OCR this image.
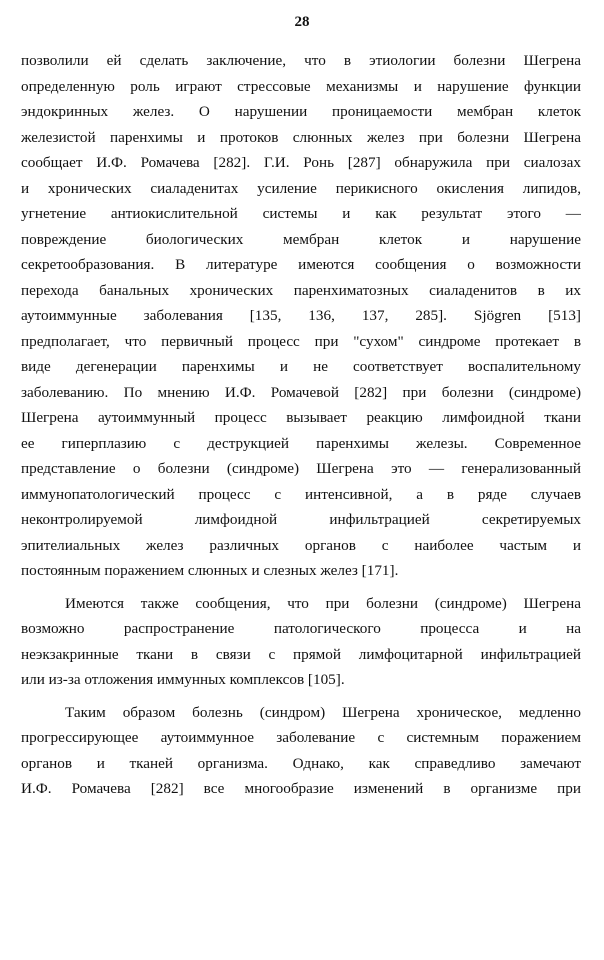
28
позволили ей сделать заключение, что в этиологии болезни Шегрена
определенную роль играют стрессовые механизмы и нарушение функции
эндокринных желез. О нарушении проницаемости мембран клеток
железистой паренхимы и протоков слюнных желез при болезни Шегрена
сообщает И.Ф. Ромачева [282]. Г.И. Ронь [287] обнаружила при сиалозах
и хронических сиаладенитах усиление перикисного окисления липидов,
угнетение антиокислительной системы и как результат этого —
повреждение биологических мембран клеток и нарушение
секретообразования. В литературе имеются сообщения о возможности
перехода банальных хронических паренхиматозных сиаладенитов в их
аутоиммунные заболевания [135, 136, 137, 285]. Sjögren [513]
предполагает, что первичный процесс при "сухом" синдроме протекает в
виде дегенерации паренхимы и не соответствует воспалительному
заболеванию. По мнению И.Ф. Ромачевой [282] при болезни (синдроме)
Шегрена аутоиммунный процесс вызывает реакцию лимфоидной ткани
ее гиперплазию с деструкцией паренхимы железы. Современное
представление о болезни (синдроме) Шегрена это — генерализованный
иммунопатологический процесс с интенсивной, а в ряде случаев
неконтролируемой лимфоидной инфильтрацией секретируемых
эпителиальных желез различных органов с наиболее частым и
постоянным поражением слюнных и слезных желез [171].
Имеются также сообщения, что при болезни (синдроме) Шегрена
возможно распространение патологического процесса и на
неэкзакринные ткани в связи с прямой лимфоцитарной инфильтрацией
или из-за отложения иммунных комплексов [105].
Таким образом болезнь (синдром) Шегрена хроническое, медленно
прогрессирующее аутоиммунное заболевание с системным поражением
органов и тканей организма. Однако, как справедливо замечают
И.Ф. Ромачева [282] все многообразие изменений в организме при
